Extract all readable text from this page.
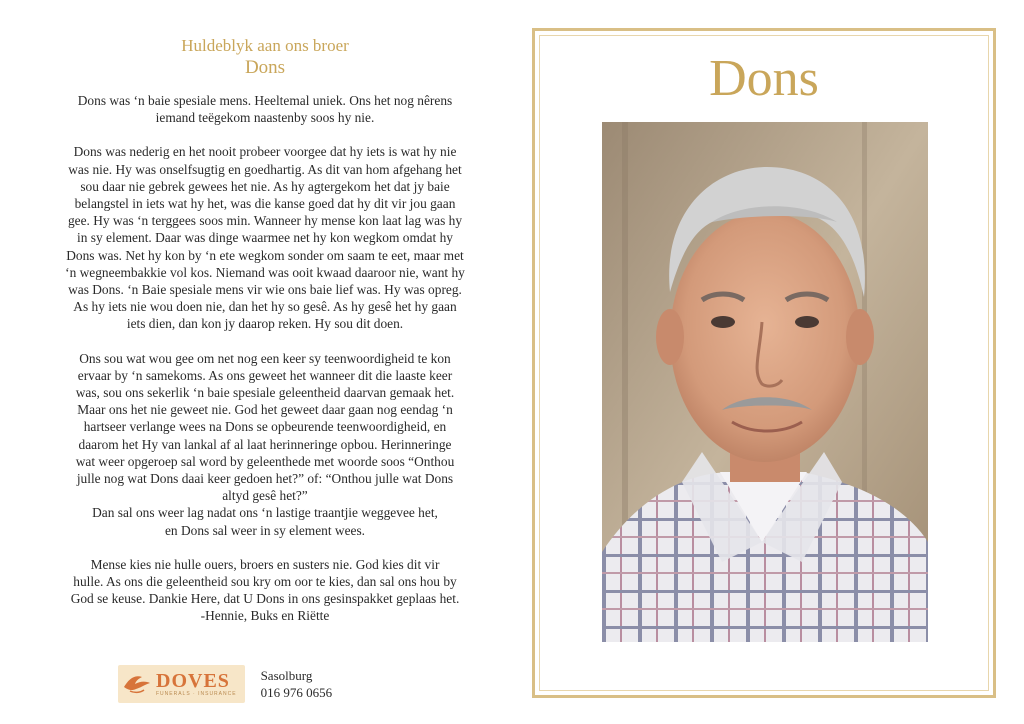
Huldeblyk aan ons broer
Dons
Dons was ‘n baie spesiale mens. Heeltemal uniek. Ons het nog nêrens
iemand teëgekom naastenby soos hy nie.
Dons was nederig en het nooit probeer voorgee dat hy iets is wat hy nie
was nie. Hy was onselfsugtig en goedhartig. As dit van hom afgehang het
sou daar nie gebrek gewees het nie. As hy agtergekom het dat jy baie
belangstel in iets wat hy het, was die kanse goed dat hy dit vir jou gaan
gee. Hy was ‘n terggees soos min. Wanneer hy mense kon laat lag was hy
in sy element. Daar was dinge waarmee net hy kon wegkom omdat hy
Dons was. Net hy kon by ‘n ete wegkom sonder om saam te eet, maar met
‘n wegneembakkie vol kos. Niemand was ooit kwaad daaroor nie, want hy
was Dons. ‘n Baie spesiale mens vir wie ons baie lief was. Hy was opreg.
As hy iets nie wou doen nie, dan het hy so gesê. As hy gesê het hy gaan
iets dien, dan kon jy daarop reken. Hy sou dit doen.
Ons sou wat wou gee om net nog een keer sy teenwoordigheid te kon
ervaar by ‘n samekoms. As ons geweet het wanneer dit die laaste keer
was, sou ons sekerlik ‘n baie spesiale geleentheid daarvan gemaak het.
Maar ons het nie geweet nie. God het geweet daar gaan nog eendag ‘n
hartseer verlange wees na Dons se opbeurende teenwoordigheid, en
daarom het Hy van lankal af al laat herinneringe opbou. Herinneringe
wat weer opgeroep sal word by geleenthede met woorde soos “Onthou
julle nog wat Dons daai keer gedoen het?” of: “Onthou julle wat Dons
altyd gesê het?”
Dan sal ons weer lag nadat ons ‘n lastige traantjie weggevee het,
en Dons sal weer in sy element wees.
Mense kies nie hulle ouers, broers en susters nie. God kies dit vir
hulle. As ons die geleentheid sou kry om oor te kies, dan sal ons hou by
God se keuse. Dankie Here, dat U Dons in ons gesinspakket geplaas het.
-Hennie, Buks en Riëtte
DOVES
FUNERALS · INSURANCE
Sasolburg
016 976 0656
Dons
